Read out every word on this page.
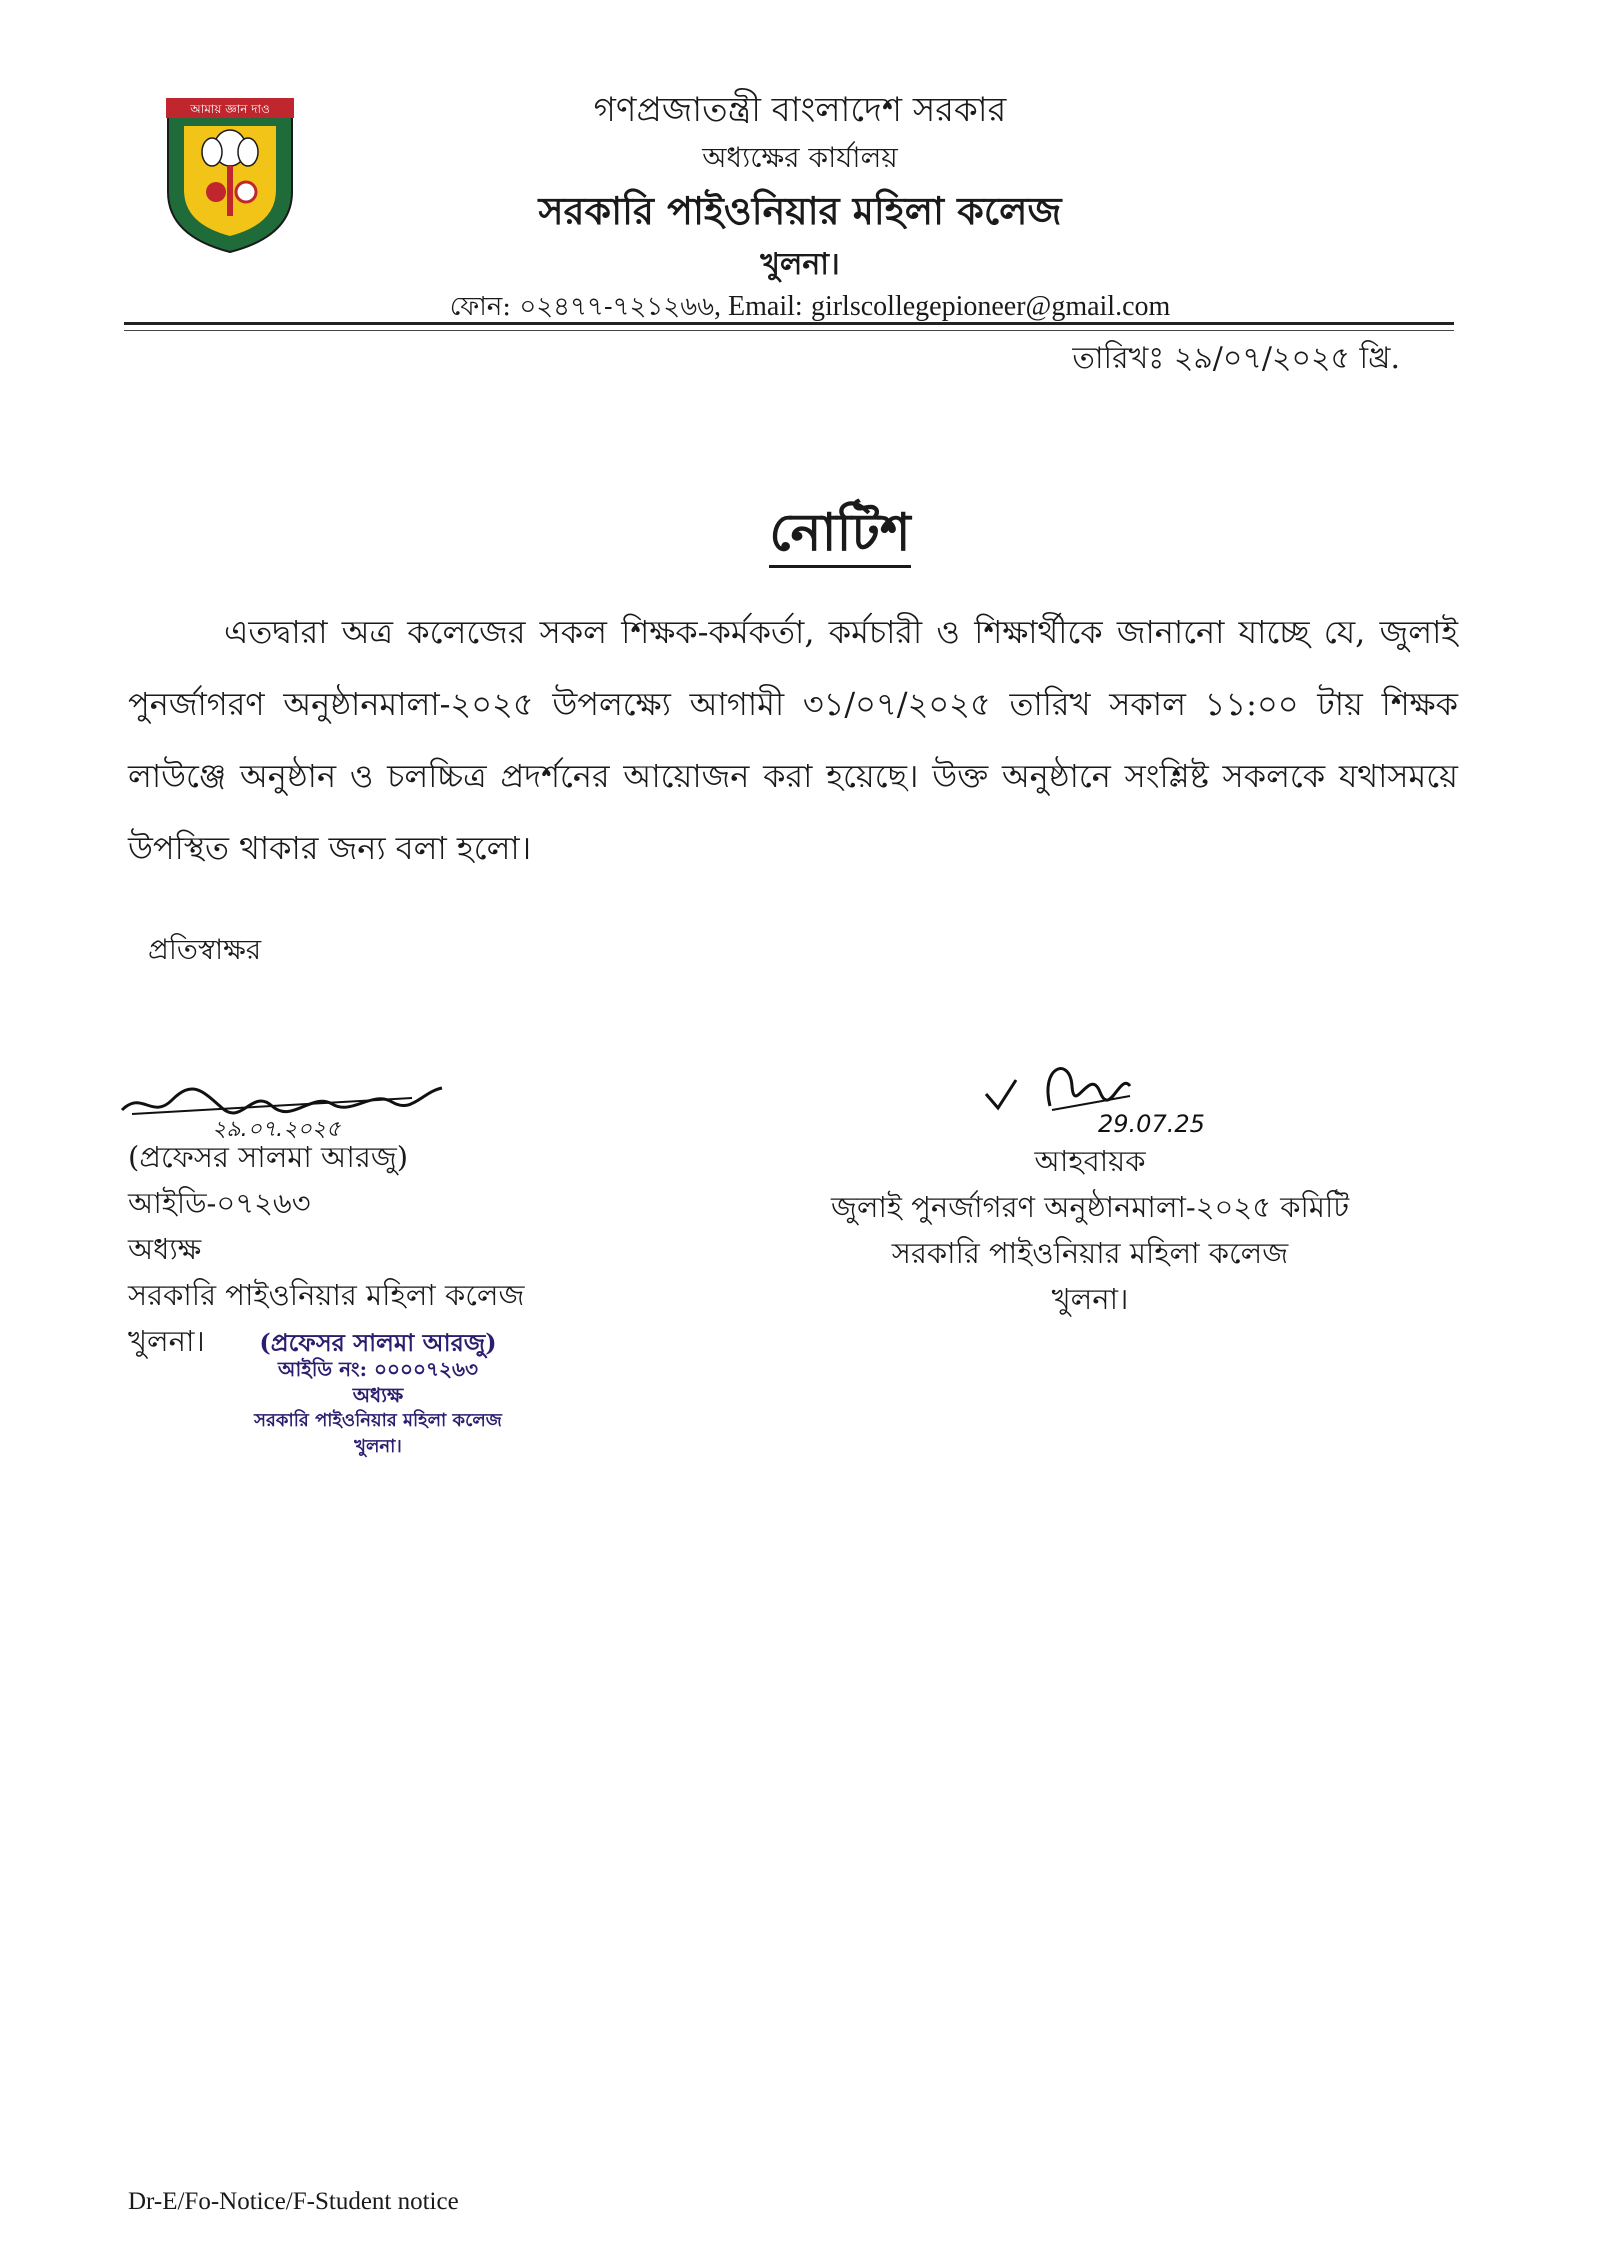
আমায় জ্ঞান দাও	গণপ্রজাতন্ত্রী বাংলাদেশ সরকার
অধ্যক্ষের কার্যালয়
সরকারি পাইওনিয়ার মহিলা কলেজ
খুলনা।
ফোন: ০২৪৭৭-৭২১২৬৬, Email: girlscollegepioneer@gmail.com
তারিখঃ ২৯/০৭/২০২৫ খ্রি.
নোটিশ
এতদ্বারা অত্র কলেজের সকল শিক্ষক-কর্মকর্তা, কর্মচারী ও শিক্ষার্থীকে জানানো যাচ্ছে যে, জুলাই পুনর্জাগরণ অনুষ্ঠানমালা-২০২৫ উপলক্ষ্যে আগামী ৩১/০৭/২০২৫ তারিখ সকাল ১১:০০ টায় শিক্ষক লাউঞ্জে অনুষ্ঠান ও চলচ্চিত্র প্রদর্শনের আয়োজন করা হয়েছে। উক্ত অনুষ্ঠানে সংশ্লিষ্ট সকলকে যথাসময়ে উপস্থিত থাকার জন্য বলা হলো।
প্রতিস্বাক্ষর
২৯.০৭.২০২৫
(প্রফেসর সালমা আরজু)
আইডি-০৭২৬৩
অধ্যক্ষ
সরকারি পাইওনিয়ার মহিলা কলেজ
খুলনা।	(প্রফেসর সালমা আরজু)
আইডি নং: ০০০০৭২৬৩
অধ্যক্ষ
সরকারি পাইওনিয়ার মহিলা কলেজ
খুলনা।
29.07.25
আহবায়ক
জুলাই পুনর্জাগরণ অনুষ্ঠানমালা-২০২৫ কমিটি
সরকারি পাইওনিয়ার মহিলা কলেজ
খুলনা।
Dr-E/Fo-Notice/F-Student notice
